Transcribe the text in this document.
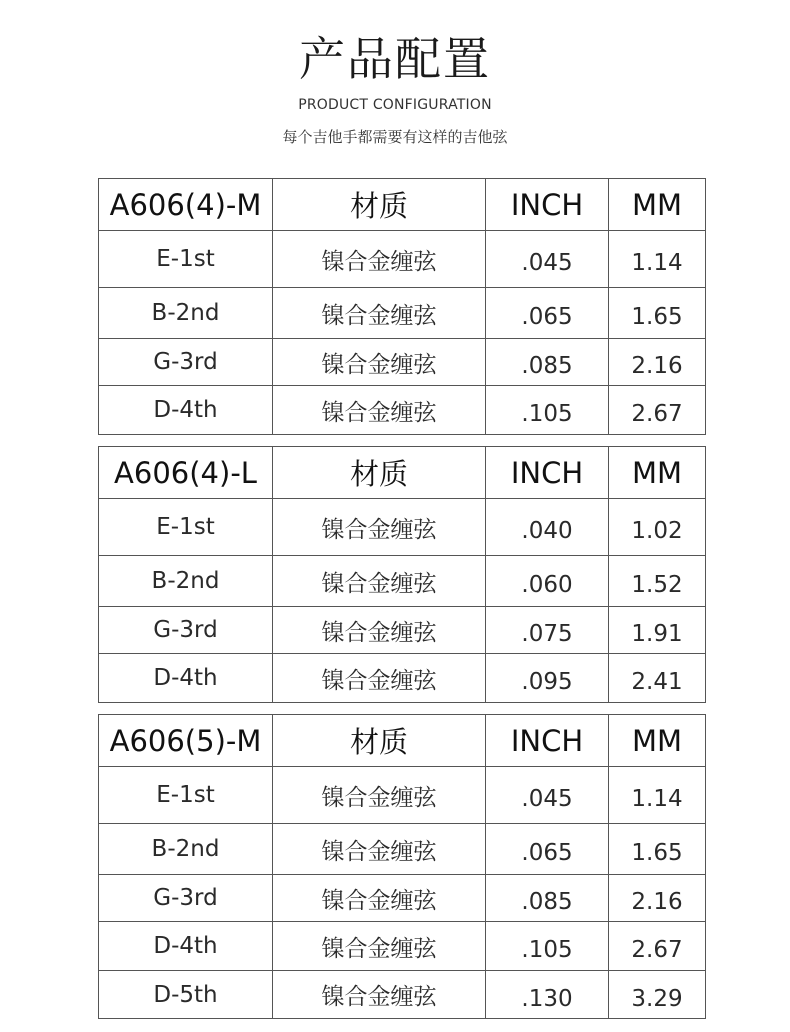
产品配置
PRODUCT CONFIGURATION
每个吉他手都需要有这样的吉他弦
A606(4)-M	材质	INCH	MM
E-1st	镍合金缠弦	.045	1.14
B-2nd	镍合金缠弦	.065	1.65
G-3rd	镍合金缠弦	.085	2.16
D-4th	镍合金缠弦	.105	2.67
A606(4)-L	材质	INCH	MM
E-1st	镍合金缠弦	.040	1.02
B-2nd	镍合金缠弦	.060	1.52
G-3rd	镍合金缠弦	.075	1.91
D-4th	镍合金缠弦	.095	2.41
A606(5)-M	材质	INCH	MM
E-1st	镍合金缠弦	.045	1.14
B-2nd	镍合金缠弦	.065	1.65
G-3rd	镍合金缠弦	.085	2.16
D-4th	镍合金缠弦	.105	2.67
D-5th	镍合金缠弦	.130	3.29
